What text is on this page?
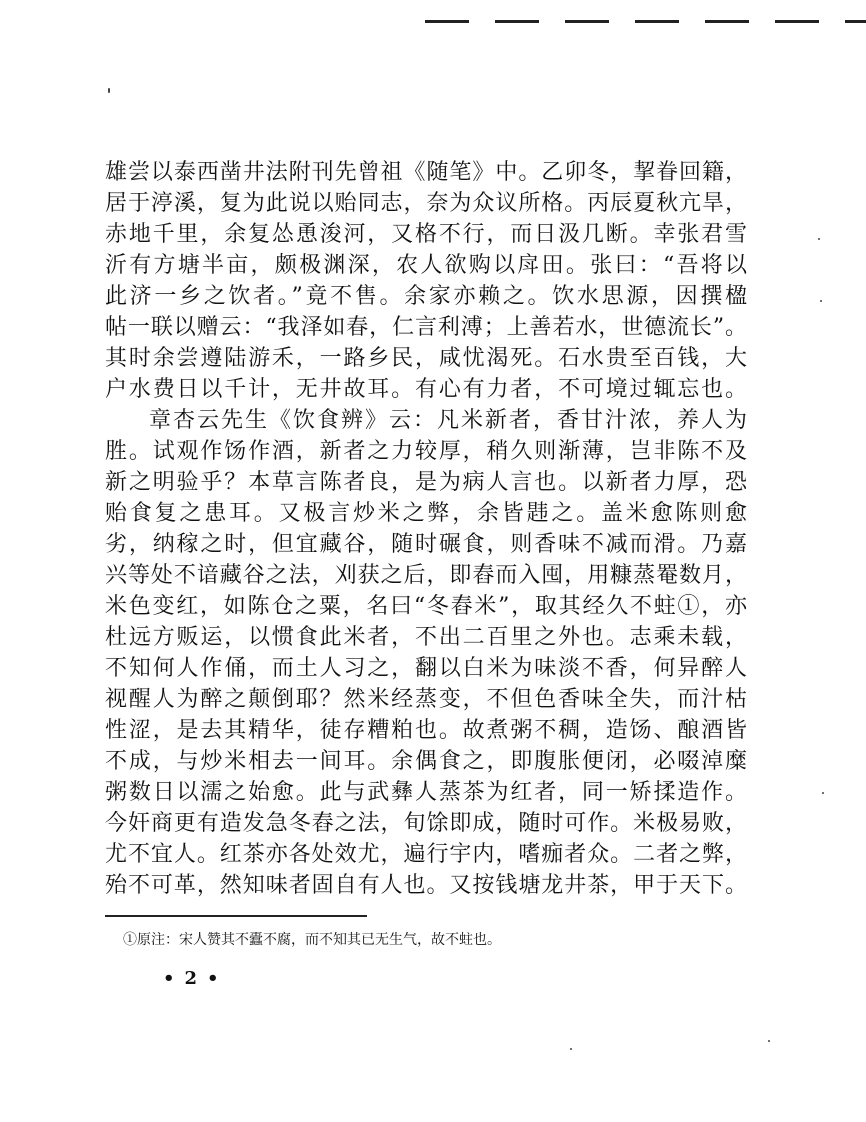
雄尝以泰西凿井法附刊先曾祖《随笔》中。乙卯冬，挈眷回籍，
居于渟溪，复为此说以贻同志，奈为众议所格。丙辰夏秋亢旱，
赤地千里，余复怂恿浚河，又格不行，而日汲几断。幸张君雪
沂有方塘半亩，颇极渊深，农人欲购以戽田。张曰：“吾将以
此济一乡之饮者。”竟不售。余家亦赖之。饮水思源，因撰楹
帖一联以赠云：“我泽如春，仁言利溥；上善若水，世德流长”。
其时余尝遵陆游禾，一路乡民，咸忧渴死。石水贵至百钱，大
户水费日以千计，无井故耳。有心有力者，不可境过辄忘也。
章杏云先生《饮食辨》云：凡米新者，香甘汁浓，养人为
胜。试观作饧作酒，新者之力较厚，稍久则渐薄，岂非陈不及
新之明验乎？本草言陈者良，是为病人言也。以新者力厚，恐
贻食复之患耳。又极言炒米之弊，余皆韪之。盖米愈陈则愈
劣，纳稼之时，但宜藏谷，随时碾食，则香味不减而滑。乃嘉
兴等处不谙藏谷之法，刈获之后，即舂而入囤，用糠蒸罨数月，
米色变红，如陈仓之粟，名曰“冬舂米”，取其经久不蛀①，亦
杜远方贩运，以惯食此米者，不出二百里之外也。志乘未载，
不知何人作俑，而土人习之，翻以白米为味淡不香，何异醉人
视醒人为醉之颠倒耶？然米经蒸变，不但色香味全失，而汁枯
性涩，是去其精华，徒存糟粕也。故煮粥不稠，造饧、酿酒皆
不成，与炒米相去一间耳。余偶食之，即腹胀便闭，必啜淖糜
粥数日以濡之始愈。此与武彝人蒸茶为红者，同一矫揉造作。
今奸商更有造发急冬舂之法，旬馀即成，随时可作。米极易败，
尤不宜人。红茶亦各处效尤，遍行宇内，嗜痂者众。二者之弊，
殆不可革，然知味者固自有人也。又按钱塘龙井茶，甲于天下。
①原注：宋人赞其不蠹不腐，而不知其已无生气，故不蛀也。
•2•
